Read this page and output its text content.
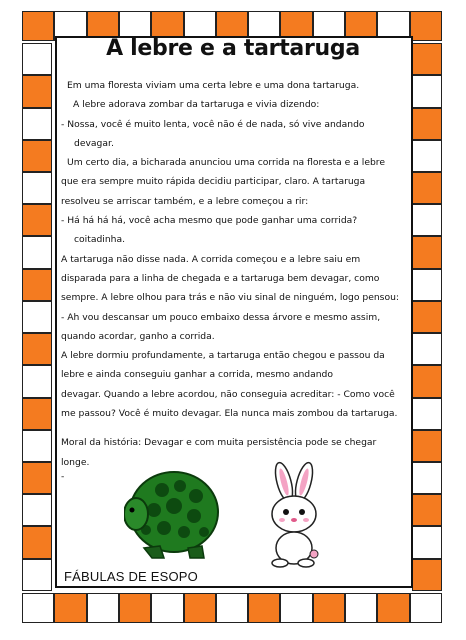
A lebre e a tartaruga

Em uma floresta viviam uma certa lebre e uma dona tartaruga.

A lebre adorava zombar da tartaruga e vivia dizendo:

- Nossa, você é muito lenta, você não é de nada, só vive andando

devagar.

Um certo dia, a bicharada anunciou uma corrida na floresta e a lebre

que era sempre muito rápida decidiu participar, claro. A tartaruga

resolveu se arriscar também, e a lebre começou a rir:

- Há há há há, você acha mesmo que pode ganhar uma corrida?

coitadinha.

A tartaruga não disse nada. A corrida começou e a lebre saiu em

disparada para a linha de chegada e a tartaruga bem devagar, como

sempre. A lebre olhou para trás e não viu sinal de ninguém, logo pensou:

- Ah vou descansar um pouco embaixo dessa árvore e mesmo assim,

quando acordar, ganho a corrida.

A lebre dormiu profundamente, a tartaruga então chegou e passou da

lebre e ainda conseguiu ganhar a corrida, mesmo andando

devagar. Quando a lebre acordou, não conseguia acreditar: - Como você

me passou? Você é muito devagar. Ela nunca mais zombou da tartaruga.

Moral da história: Devagar e com muita persistência pode se chegar

longe.

-

FÁBULAS DE ESOPO
